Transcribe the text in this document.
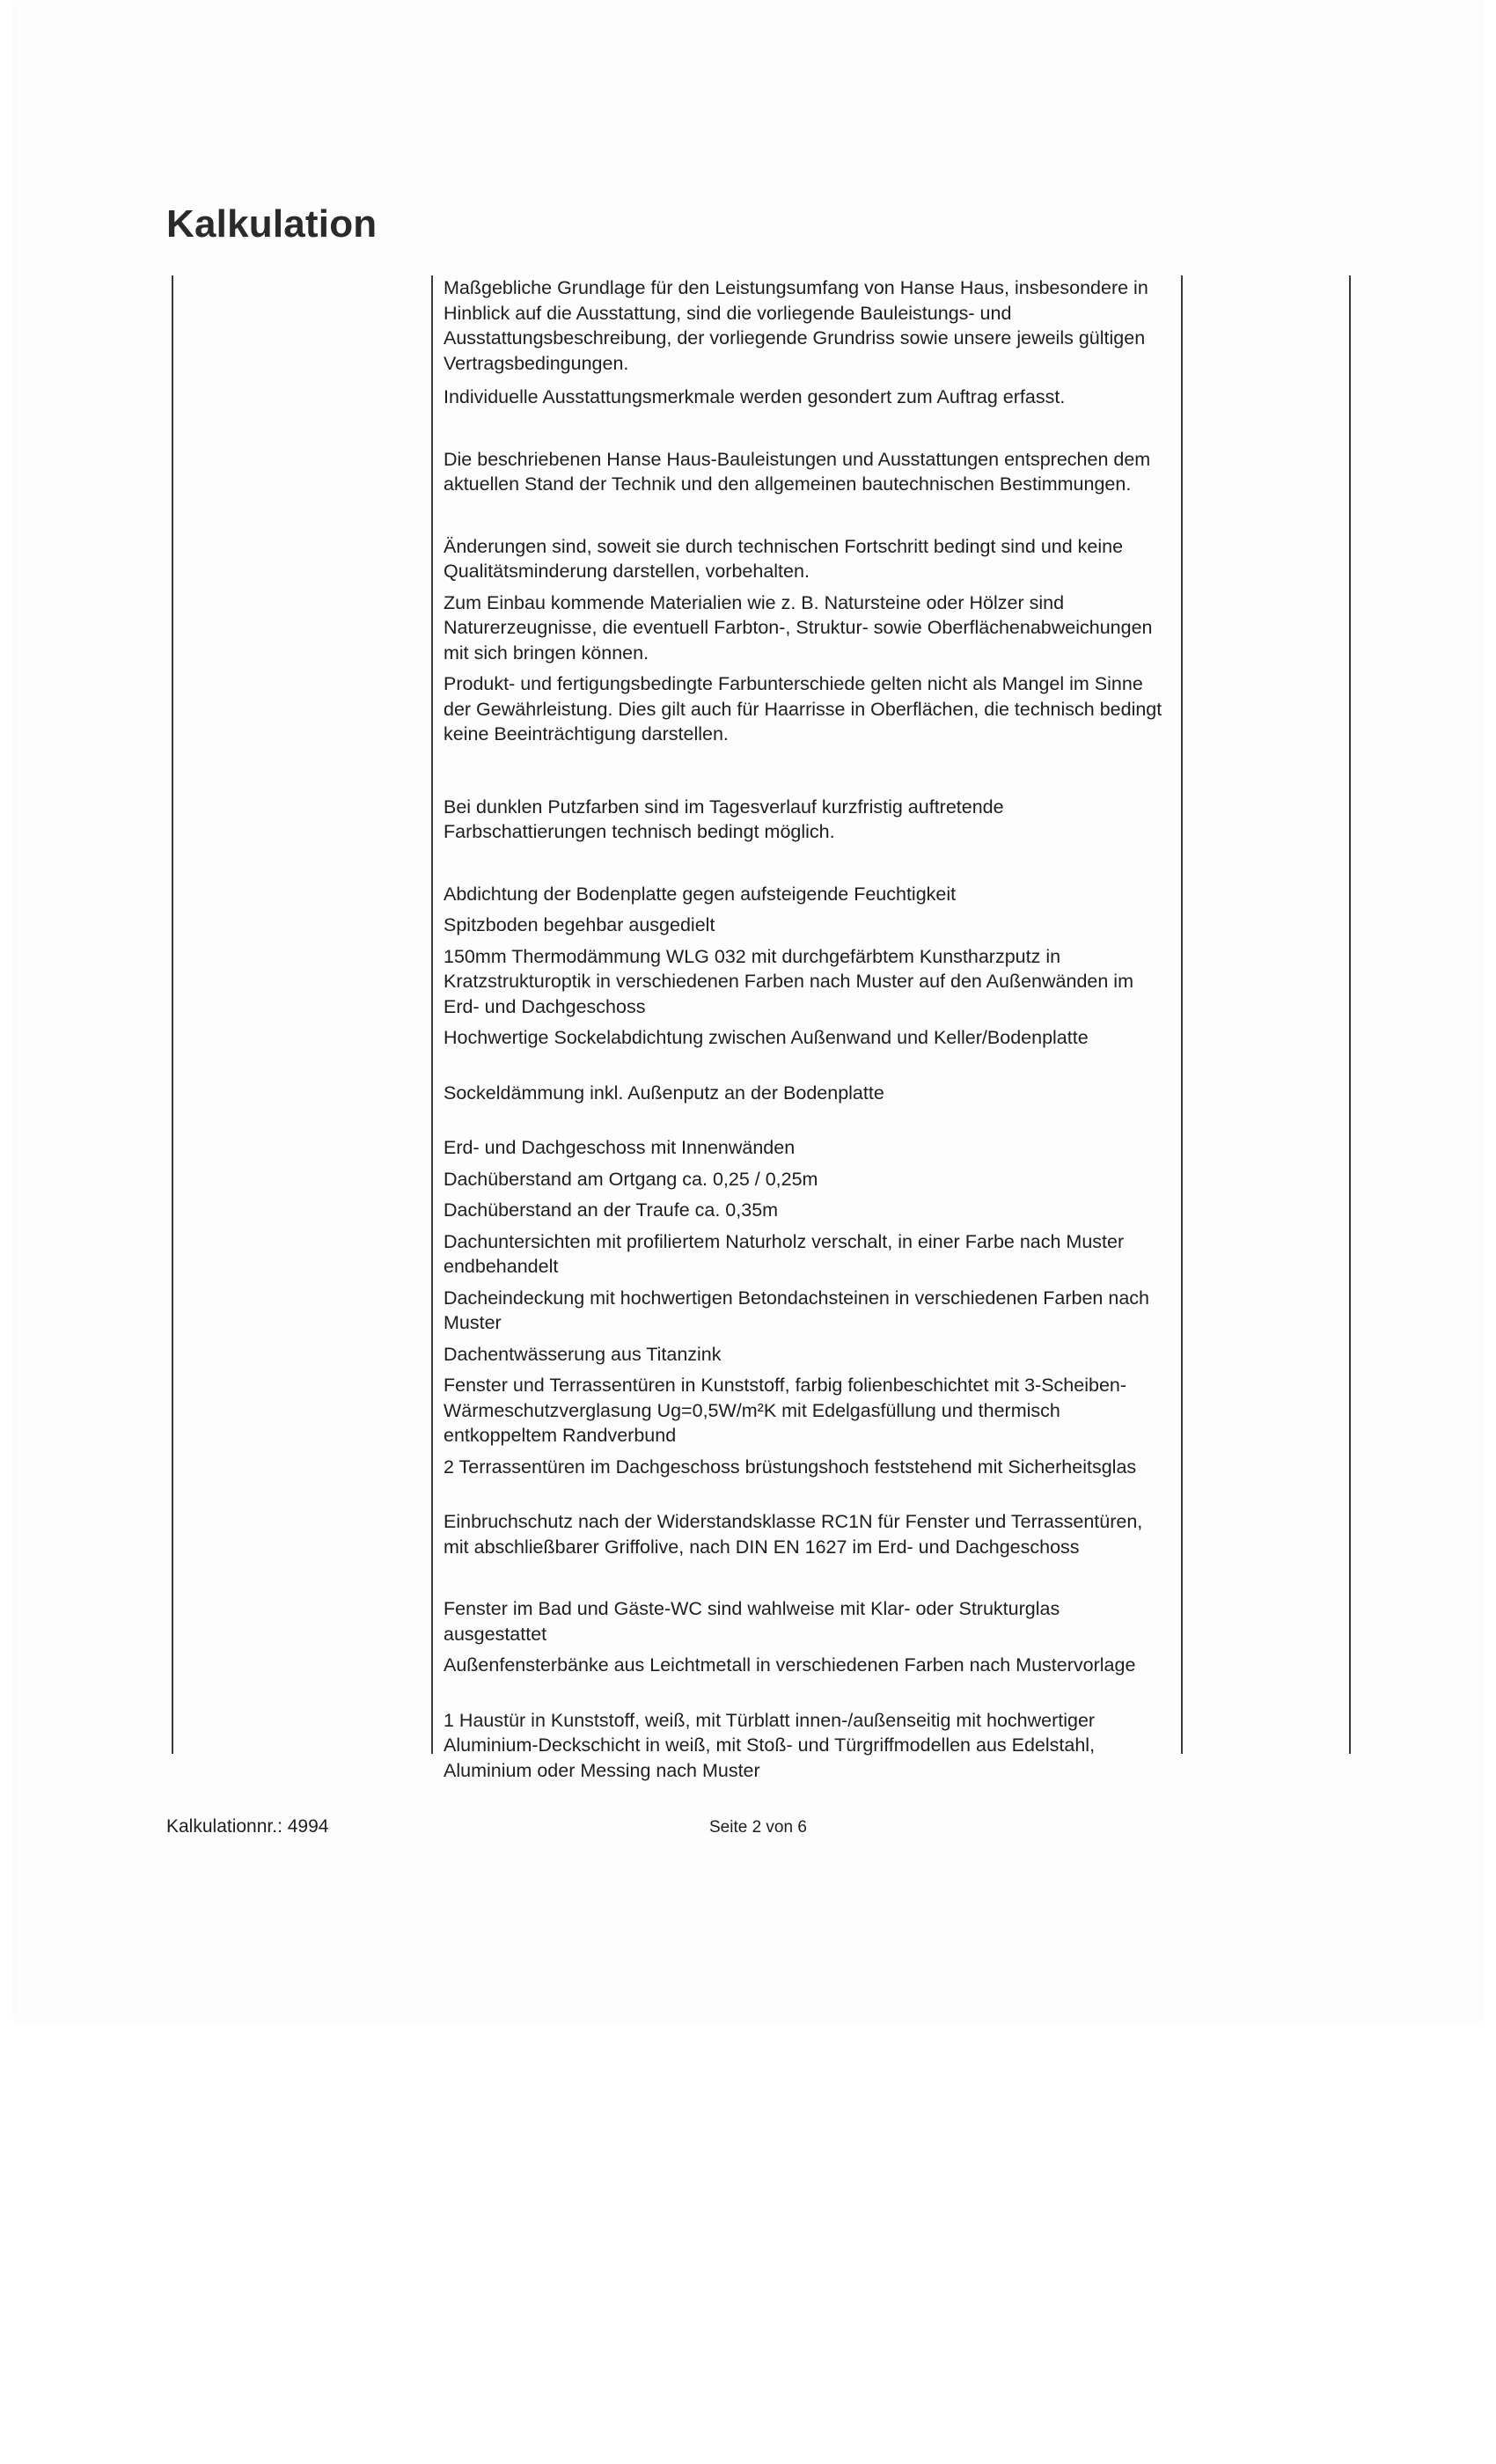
Kalkulation

Maßgebliche Grundlage für den Leistungsumfang von Hanse Haus, insbesondere in
Hinblick auf die Ausstattung, sind die vorliegende Bauleistungs- und
Ausstattungsbeschreibung, der vorliegende Grundriss sowie unsere jeweils gültigen
Vertragsbedingungen.

Individuelle Ausstattungsmerkmale werden gesondert zum Auftrag erfasst.

Die beschriebenen Hanse Haus-Bauleistungen und Ausstattungen entsprechen dem
aktuellen Stand der Technik und den allgemeinen bautechnischen Bestimmungen.

Änderungen sind, soweit sie durch technischen Fortschritt bedingt sind und keine
Qualitätsminderung darstellen, vorbehalten.

Zum Einbau kommende Materialien wie z. B. Natursteine oder Hölzer sind
Naturerzeugnisse, die eventuell Farbton-, Struktur- sowie Oberflächenabweichungen
mit sich bringen können.

Produkt- und fertigungsbedingte Farbunterschiede gelten nicht als Mangel im Sinne
der Gewährleistung. Dies gilt auch für Haarrisse in Oberflächen, die technisch bedingt
keine Beeinträchtigung darstellen.

Bei dunklen Putzfarben sind im Tagesverlauf kurzfristig auftretende
Farbschattierungen technisch bedingt möglich.

Abdichtung der Bodenplatte gegen aufsteigende Feuchtigkeit

Spitzboden begehbar ausgedielt

150mm Thermodämmung WLG 032 mit durchgefärbtem Kunstharzputz in
Kratzstrukturoptik in verschiedenen Farben nach Muster auf den Außenwänden im
Erd- und Dachgeschoss

Hochwertige Sockelabdichtung zwischen Außenwand und Keller/Bodenplatte

Sockeldämmung inkl. Außenputz an der Bodenplatte

Erd- und Dachgeschoss mit Innenwänden

Dachüberstand am Ortgang ca. 0,25 / 0,25m

Dachüberstand an der Traufe ca. 0,35m

Dachuntersichten mit profiliertem Naturholz verschalt, in einer Farbe nach Muster
endbehandelt

Dacheindeckung mit hochwertigen Betondachsteinen in verschiedenen Farben nach
Muster

Dachentwässerung aus Titanzink

Fenster und Terrassentüren in Kunststoff, farbig folienbeschichtet mit 3-Scheiben-
Wärmeschutzverglasung Ug=0,5W/m²K mit Edelgasfüllung und thermisch
entkoppeltem Randverbund

2 Terrassentüren im Dachgeschoss brüstungshoch feststehend mit Sicherheitsglas

Einbruchschutz nach der Widerstandsklasse RC1N für Fenster und Terrassentüren,
mit abschließbarer Griffolive, nach DIN EN 1627 im Erd- und Dachgeschoss

Fenster im Bad und Gäste-WC sind wahlweise mit Klar- oder Strukturglas
ausgestattet

Außenfensterbänke aus Leichtmetall in verschiedenen Farben nach Mustervorlage

1 Haustür in Kunststoff, weiß, mit Türblatt innen-/außenseitig mit hochwertiger
Aluminium-Deckschicht in weiß, mit Stoß- und Türgriffmodellen aus Edelstahl,
Aluminium oder Messing nach Muster

Kalkulationnr.: 4994	Seite 2 von 6
